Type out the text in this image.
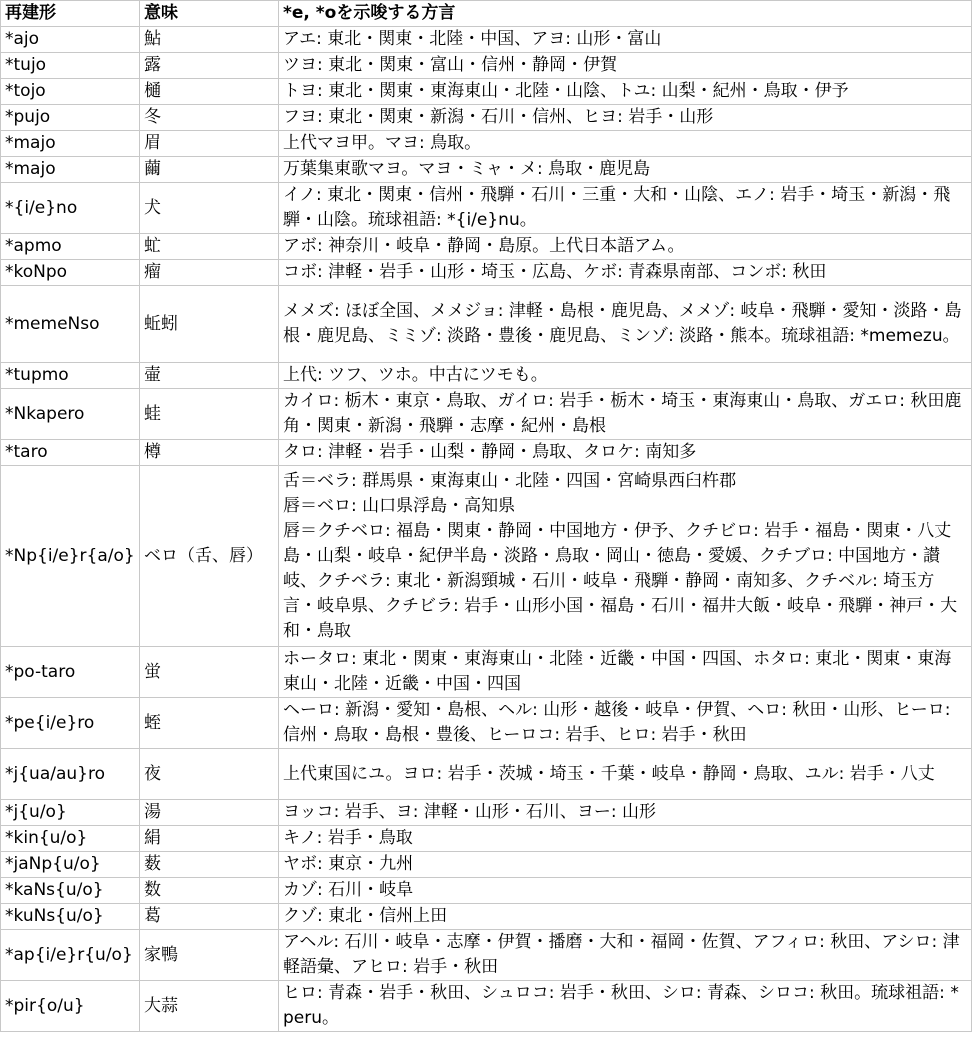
再建形	意味	*e, *oを示唆する方言
*ajo	鮎	アエ: 東北・関東・北陸・中国、アヨ: 山形・富山
*tujo	露	ツヨ: 東北・関東・富山・信州・静岡・伊賀
*tojo	樋	トヨ: 東北・関東・東海東山・北陸・山陰、トユ: 山梨・紀州・鳥取・伊予
*pujo	冬	フヨ: 東北・関東・新潟・石川・信州、ヒヨ: 岩手・山形
*majo	眉	上代マヨ甲。マヨ: 鳥取。
*majo	繭	万葉集東歌マヨ。マヨ・ミャ・メ: 鳥取・鹿児島
*{i/e}no	犬	イノ: 東北・関東・信州・飛騨・石川・三重・大和・山陰、エノ: 岩手・埼玉・新潟・飛騨・山陰。琉球祖語: *{i/e}nu。
*apmo	虻	アボ: 神奈川・岐阜・静岡・島原。上代日本語アム。
*koNpo	瘤	コボ: 津軽・岩手・山形・埼玉・広島、ケボ: 青森県南部、コンボ: 秋田
*memeNso	蚯蚓	メメズ: ほぼ全国、メメジョ: 津軽・島根・鹿児島、メメゾ: 岐阜・飛騨・愛知・淡路・島根・鹿児島、ミミゾ: 淡路・豊後・鹿児島、ミンゾ: 淡路・熊本。琉球祖語: *memezu。
*tupmo	壷	上代: ツフ、ツホ。中古にツモも。
*Nkapero	蛙	カイロ: 栃木・東京・鳥取、ガイロ: 岩手・栃木・埼玉・東海東山・鳥取、ガエロ: 秋田鹿角・関東・新潟・飛騨・志摩・紀州・島根
*taro	樽	タロ: 津軽・岩手・山梨・静岡・鳥取、タロケ: 南知多
*Np{i/e}r{a/o}	ベロ（舌、唇）	舌＝ベラ: 群馬県・東海東山・北陸・四国・宮崎県西臼杵郡
唇＝ベロ: 山口県浮島・高知県
唇＝クチベロ: 福島・関東・静岡・中国地方・伊予、クチビロ: 岩手・福島・関東・八丈島・山梨・岐阜・紀伊半島・淡路・鳥取・岡山・徳島・愛媛、クチブロ: 中国地方・讃岐、クチベラ: 東北・新潟頸城・石川・岐阜・飛騨・静岡・南知多、クチベル: 埼玉方言・岐阜県、クチビラ: 岩手・山形小国・福島・石川・福井大飯・岐阜・飛騨・神戸・大和・鳥取

*po-taro	蛍	ホータロ: 東北・関東・東海東山・北陸・近畿・中国・四国、ホタロ: 東北・関東・東海東山・北陸・近畿・中国・四国
*pe{i/e}ro	蛭	ヘーロ: 新潟・愛知・島根、ヘル: 山形・越後・岐阜・伊賀、ヘロ: 秋田・山形、ヒーロ: 信州・鳥取・島根・豊後、ヒーロコ: 岩手、ヒロ: 岩手・秋田
*j{ua/au}ro	夜	上代東国にユ。ヨロ: 岩手・茨城・埼玉・千葉・岐阜・静岡・鳥取、ユル: 岩手・八丈
*j{u/o}	湯	ヨッコ: 岩手、ヨ: 津軽・山形・石川、ヨー: 山形
*kin{u/o}	絹	キノ: 岩手・鳥取
*jaNp{u/o}	薮	ヤボ: 東京・九州
*kaNs{u/o}	数	カゾ: 石川・岐阜
*kuNs{u/o}	葛	クゾ: 東北・信州上田
*ap{i/e}r{u/o}	家鴨	アヘル: 石川・岐阜・志摩・伊賀・播磨・大和・福岡・佐賀、アフィロ: 秋田、アシロ: 津軽語彙、アヒロ: 岩手・秋田
*pir{o/u}	大蒜	ヒロ: 青森・岩手・秋田、シュロコ: 岩手・秋田、シロ: 青森、シロコ: 秋田。琉球祖語: *peru。
